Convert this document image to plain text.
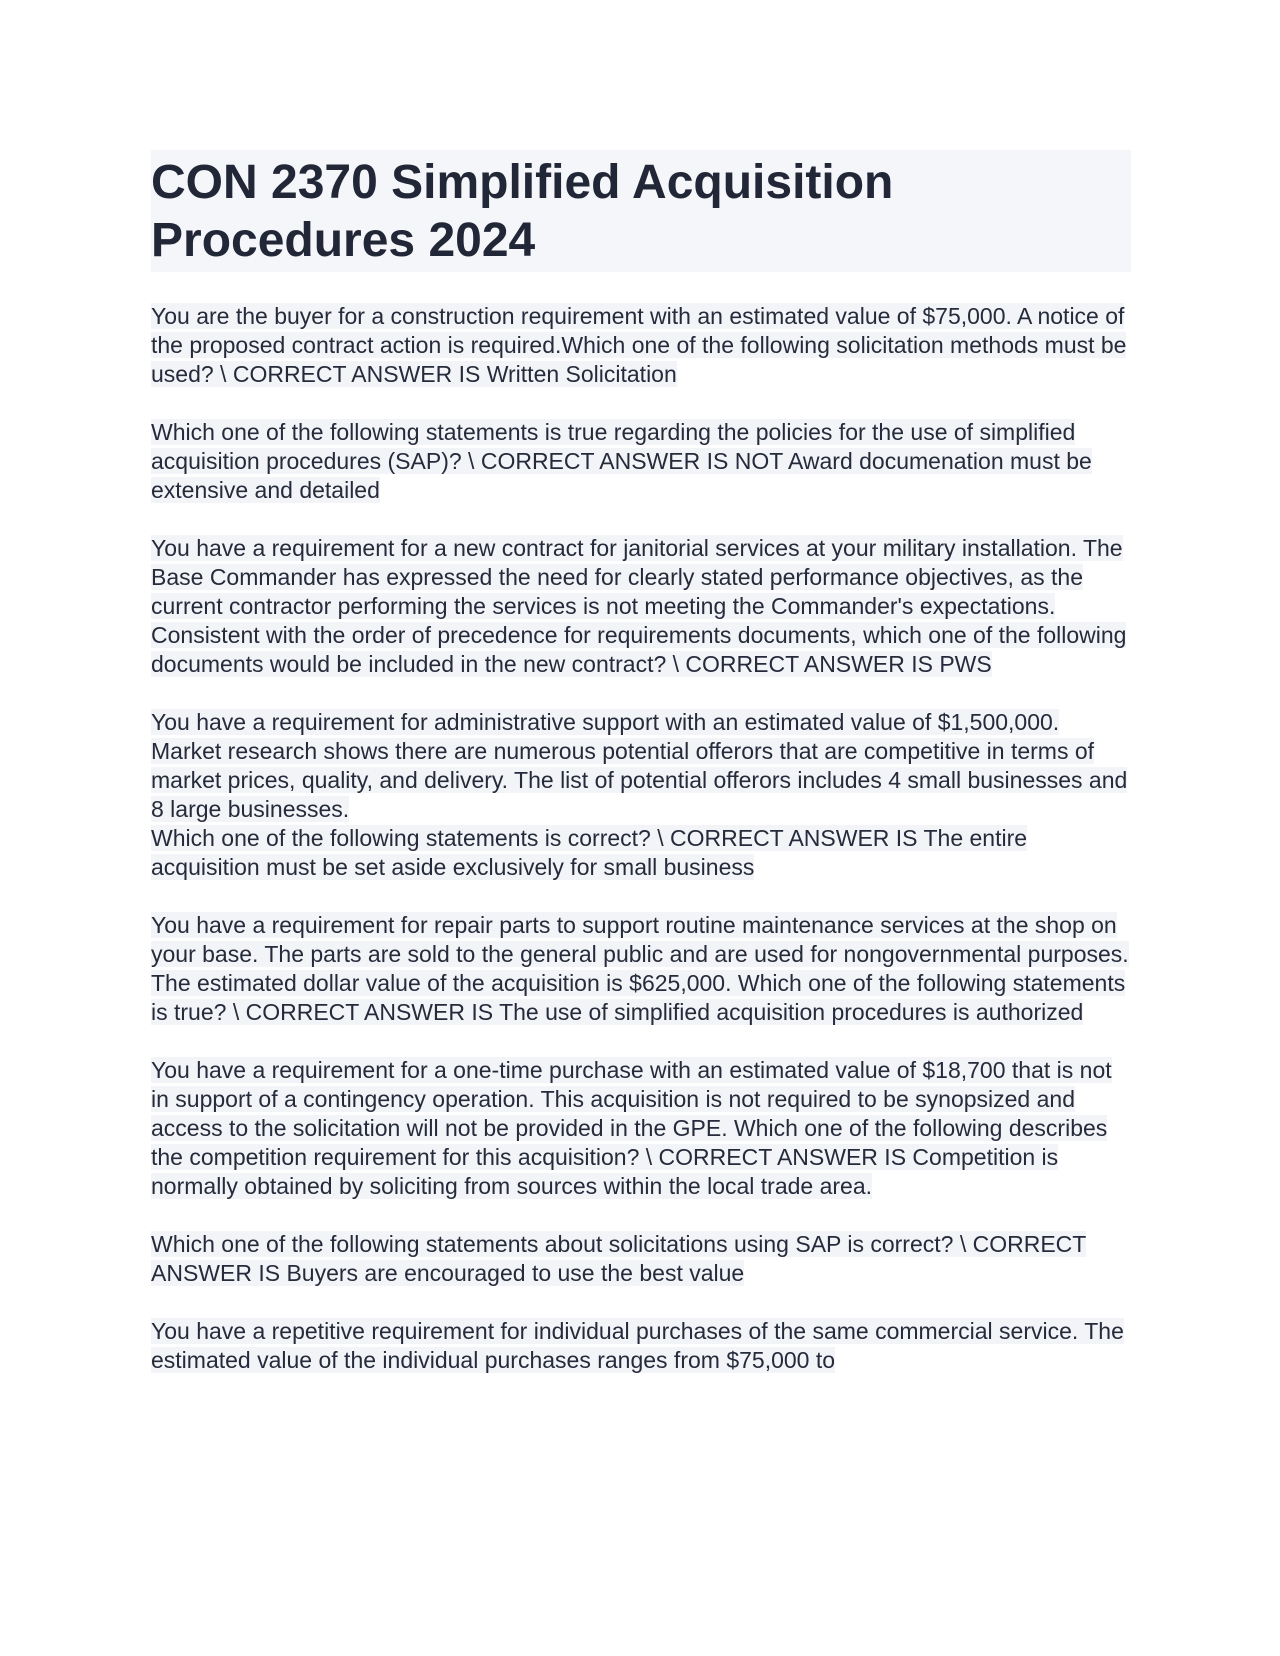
CON 2370 Simplified Acquisition Procedures 2024

You are the buyer for a construction requirement with an estimated value of $75,000. A notice of the proposed contract action is required.Which one of the following solicitation methods must be used? \ CORRECT ANSWER IS Written Solicitation

Which one of the following statements is true regarding the policies for the use of simplified acquisition procedures (SAP)? \ CORRECT ANSWER IS NOT Award documenation must be extensive and detailed

You have a requirement for a new contract for janitorial services at your military installation. The Base Commander has expressed the need for clearly stated performance objectives, as the current contractor performing the services is not meeting the Commander's expectations.

Consistent with the order of precedence for requirements documents, which one of the following documents would be included in the new contract? \ CORRECT ANSWER IS PWS

You have a requirement for administrative support with an estimated value of $1,500,000. Market research shows there are numerous potential offerors that are competitive in terms of market prices, quality, and delivery. The list of potential offerors includes 4 small businesses and 8 large businesses.

Which one of the following statements is correct? \ CORRECT ANSWER IS The entire acquisition must be set aside exclusively for small business

You have a requirement for repair parts to support routine maintenance services at the shop on your base. The parts are sold to the general public and are used for nongovernmental purposes. The estimated dollar value of the acquisition is $625,000. Which one of the following statements is true? \ CORRECT ANSWER IS The use of simplified acquisition procedures is authorized

You have a requirement for a one-time purchase with an estimated value of $18,700 that is not in support of a contingency operation. This acquisition is not required to be synopsized and access to the solicitation will not be provided in the GPE. Which one of the following describes the competition requirement for this acquisition? \ CORRECT ANSWER IS Competition is normally obtained by soliciting from sources within the local trade area.

Which one of the following statements about solicitations using SAP is correct? \ CORRECT ANSWER IS Buyers are encouraged to use the best value

You have a repetitive requirement for individual purchases of the same commercial service. The estimated value of the individual purchases ranges from $75,000 to
